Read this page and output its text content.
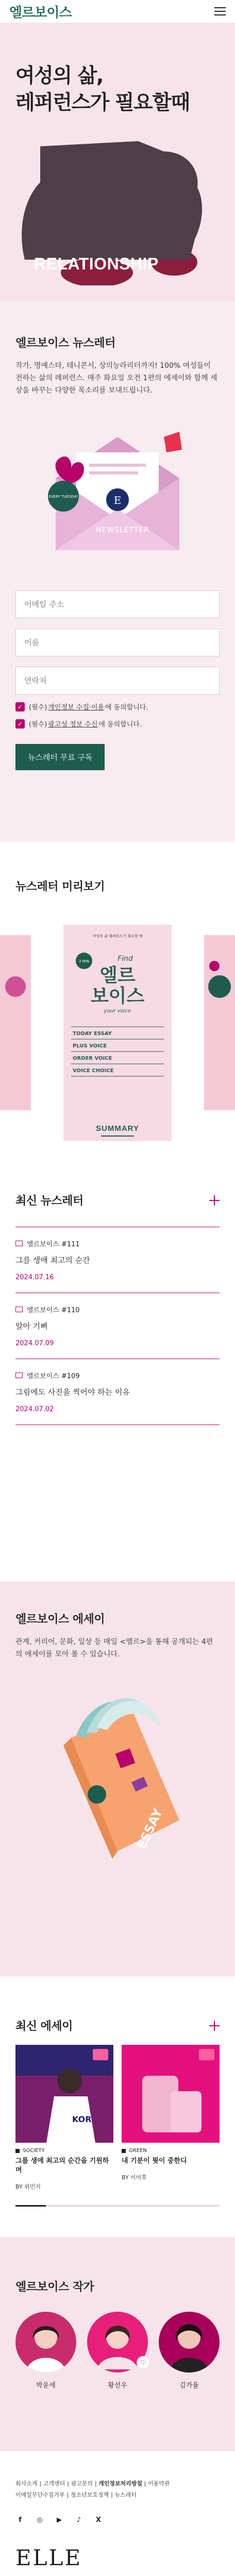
엘르보이스
여성의 삶,
레퍼런스가 필요할때
RELATIONSHIP
엘르보이스 뉴스레터

작가, 명예스타, 테니콘서, 상의능라리터까지! 100% 여성들이 전하는 삶의 레퍼런스. 매주 화요일 오전 1편의 에세이와 함께 세상을 바꾸는 다양한 목소리를 보내드립니다.

E
EVERY TUESDAY
NEWSLETTER
이메일 주소
이름
연락처
✓ (필수) 개인정보 수집·이용 에 동의합니다.
✓ (필수) 광고성 정보 수신 에 동의합니다.
뉴스레터 무료 구독
뉴스레터 미리보기
여성의 삶 레퍼런스가 필요할 때
3 MIN	Find
엘르
보이스
your voice
TODAY ESSAY
PLUS VOICE
ORDER VOICE
VOICE CHOICE
SUMMARY
최신 뉴스레터
엘르보이스 #111
그를 생애 최고의 순간
2024.07.16
엘르보이스 #110
알아 기뻐
2024.07.09
엘르보이스 #109
그림에도 사진을 찍어야 하는 이유
2024.07.02
엘르보이스 에세이

관계, 커리어, 문화, 일상 등 매일 <엘르>을 통해 공개되는 4편의 에세이를 모아 볼 수 있습니다.

ESSAY
최신 에세이
KOR
SOCIETY
그를 생애 최고의 순간을 기원하며
BY 위민지
GREEN
내 기분이 뭣이 중한디
BY 이미후
엘르보이스 작가
박윤세
♡
황선우	김가율
회사소개 | 고객센터 | 광고문의 | 개인정보처리방침 | 이용약관
이메일무단수집거부 | 청소년보호정책 | 뉴스레터
f	◎	▶	♪	X
ELLE
